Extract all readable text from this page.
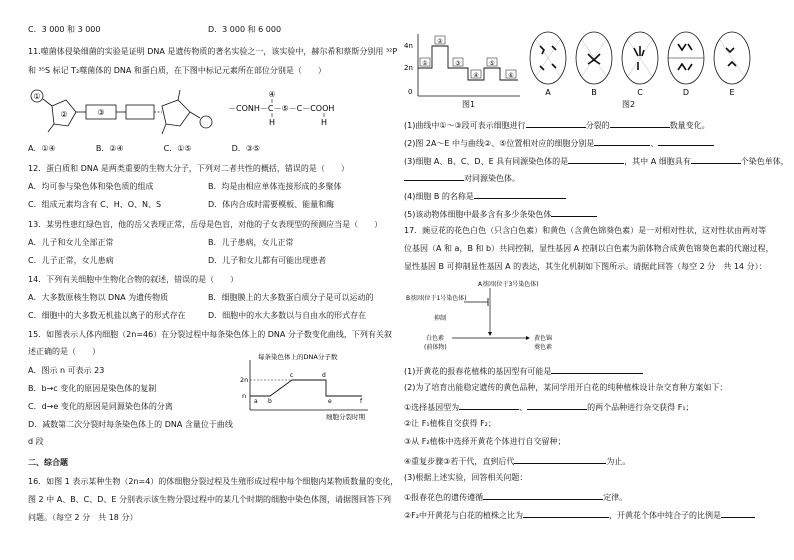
C．3 000 和 3 000	D．3 000 和 6 000
11.噬菌体侵染细菌的实验是证明 DNA 是遗传物质的著名实验之一，该实验中，赫尔希和蔡斯分别用 ³²P
和 ³⁵S 标记 T₂噬菌体的 DNA 和蛋白质，在下图中标记元素所在部位分别是（　　）
①
②	③
④
－CONH－C－⑤－C－COOH
H	H
A．①④　　　　　B．②④　　　　　C．①⑤　　　　　D．③⑤
12．蛋白质和 DNA 是两类重要的生物大分子，下列对二者共性的概括，错误的是（　　）
A．均可参与染色体和染色质的组成	B．均是由相应单体连接形成的多聚体
C．组成元素均含有 C、H、O、N、S	D．体内合成时需要模板、能量和酶
13．某男性患红绿色盲，他的岳父表现正常，岳母是色盲，对他的子女表现型的预测应当是（　　）
A．儿子和女儿全部正常	B．儿子患病，女儿正常
C．儿子正常，女儿患病	D．儿子和女儿都有可能出现患者
14．下列有关细胞中生物化合物的叙述，错误的是（　　）
A．大多数原核生物以 DNA 为遗传物质	B．细胞膜上的大多数蛋白质分子是可以运动的
C．细胞中的大多数无机盐以离子的形式存在	D．细胞中的水大多数以与自由水的形式存在
15．如图表示人体内细胞（2n=46）在分裂过程中每条染色体上的 DNA 分子数变化曲线，下列有关叙
述正确的是（　　）
A．图示 n 可表示 23
B．b→c 变化的原因是染色体的复制
C．d→e 变化的原因是同源染色体的分离
D．减数第二次分裂时每条染色体上的 DNA 含量位于曲线
d 段
每条染色体上的DNA分子数
2n
n
a b
c	d
e	f
细胞分裂时期
二、综合题
16．如图 1 表示某种生物（2n=4）的体细胞分裂过程及生殖形成过程中每个细胞内某物质数量的变化，
图 2 中 A、B、C、D、E 分别表示该生物分裂过程中的某几个时期的细胞中染色体图，请据图回答下列
问题。（每空 2 分　共 18 分）
4n
2n
0
①
②
③
④
⑤
⑥
图1
A	B	C	D	E
图2
(1)曲线中①～③段可表示细胞进行	分裂的	数量变化。
(2)图 2A～E 中与曲线②、⑤位置相对应的细胞分别是	、
(3)细胞 A、B、C、D、E 具有同源染色体的是	，其中 A 细胞具有	个染色单体，
对同源染色体。
(4)细胞 B 的名称是
(5)该动物体细胞中最多含有多少条染色体
17．豌豆花的花色白色（只含白色素）和黄色（含黄色锦葵色素）是一对相对性状，这对性状由两对等
位基因（A 和 a，B 和 b）共同控制，显性基因 A 控制以白色素为前体物合成黄色锦葵色素的代谢过程，
显性基因 B 可抑制显性基因 A 的表达，其生化机制如下图所示。请据此回答（每空 2 分　共 14 分）：
A基因(位于3号染色体)
B基因(位于1号染色体)
抑制
白色素
(前体物)
黄色锦
葵色素
(1)开黄花的报春花植株的基因型有可能是
(2)为了培育出能稳定遗传的黄色品种，某同学用开白花的纯种植株设计杂交育种方案如下：
①选择基因型为	、	的两个品种进行杂交获得 F₁；
②让 F₁植株自交获得 F₂；
③从 F₂植株中选择开黄花个体进行自交留种；
④重复步骤③若干代，直到后代	为止。
(3)根据上述实验，回答相关问题：
①报春花色的遗传遵循	定律。
②F₂中开黄花与白花的植株之比为	，开黄花个体中纯合子的比例是
